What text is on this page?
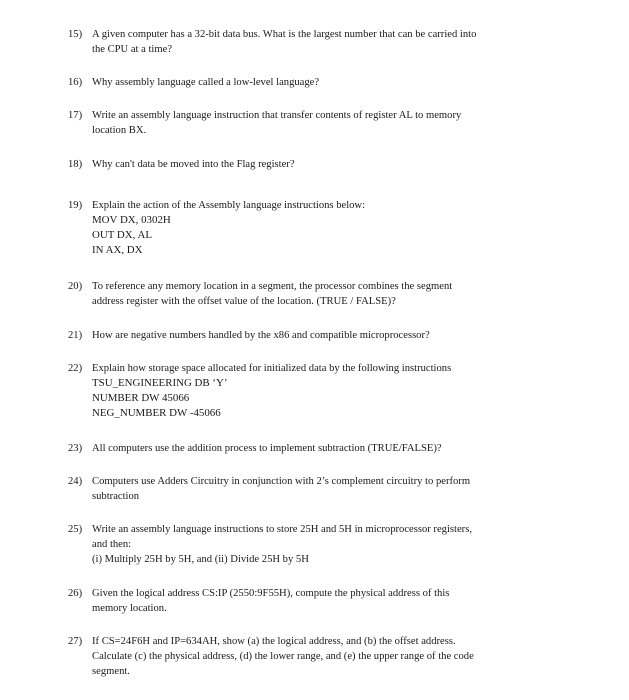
15) A given computer has a 32-bit data bus. What is the largest number that can be carried into
the CPU at a time?
16) Why assembly language called a low-level language?
17) Write an assembly language instruction that transfer contents of register AL to memory
location BX.
18) Why can't data be moved into the Flag register?
19) Explain the action of the Assembly language instructions below:
MOV DX, 0302H
OUT DX, AL
IN AX, DX
20) To reference any memory location in a segment, the processor combines the segment
address register with the offset value of the location. (TRUE / FALSE)?
21) How are negative numbers handled by the x86 and compatible microprocessor?
22) Explain how storage space allocated for initialized data by the following instructions
TSU_ENGINEERING DB ‘Y’
NUMBER DW 45066
NEG_NUMBER DW -45066
23) All computers use the addition process to implement subtraction (TRUE/FALSE)?
24) Computers use Adders Circuitry in conjunction with 2’s complement circuitry to perform
subtraction
25) Write an assembly language instructions to store 25H and 5H in microprocessor registers,
and then:
(i) Multiply 25H by 5H, and (ii) Divide 25H by 5H
26) Given the logical address CS:IP (2550:9F55H), compute the physical address of this
memory location.
27) If CS=24F6H and IP=634AH, show (a) the logical address, and (b) the offset address.
Calculate (c) the physical address, (d) the lower range, and (e) the upper range of the code
segment.
